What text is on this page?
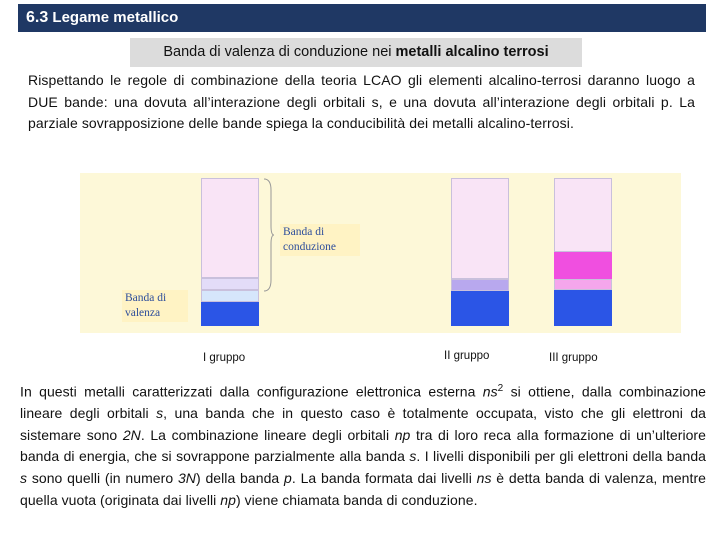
6.3 Legame metallico
Banda di valenza di conduzione nei metalli alcalino terrosi
Rispettando le regole di combinazione della teoria LCAO gli elementi alcalino-terrosi daranno luogo a DUE bande: una dovuta all’interazione degli orbitali s, e una dovuta all’interazione degli orbitali p. La parziale sovrapposizione delle bande spiega la conducibilità dei metalli alcalino-terrosi.
Banda di
conduzione
Banda di
valenza
I gruppo	II gruppo	III gruppo
In questi metalli caratterizzati dalla configurazione elettronica esterna $ns^2$ si ottiene, dalla combinazione lineare degli orbitali s, una banda che in questo caso è totalmente occupata, visto che gli elettroni da sistemare sono 2N. La combinazione lineare degli orbitali np tra di loro reca alla formazione di un’ulteriore banda di energia, che si sovrappone parzialmente alla banda s. I livelli disponibili per gli elettroni della banda s sono quelli (in numero 3N) della banda p. La banda formata dai livelli ns è detta banda di valenza, mentre quella vuota (originata dai livelli np) viene chiamata banda di conduzione.
